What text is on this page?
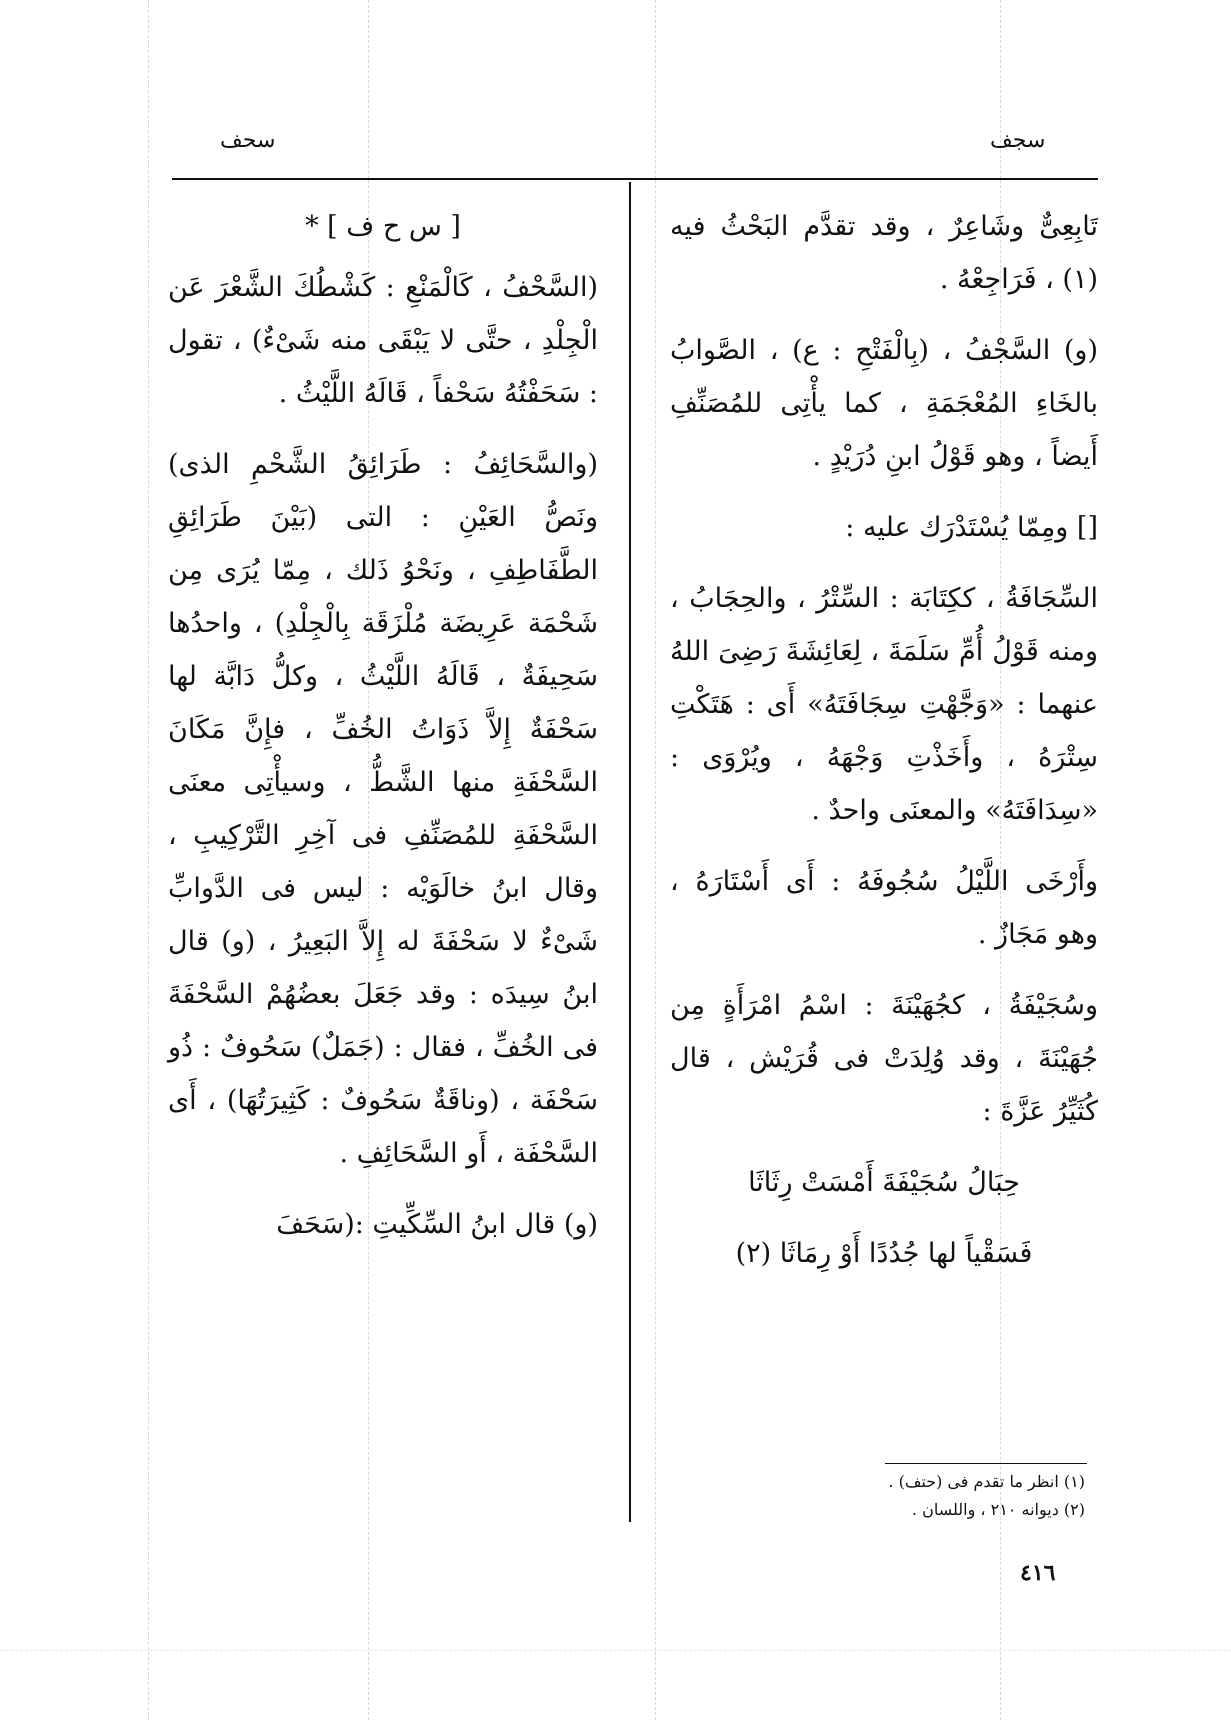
سجف
سحف

تَابِعِىٌّ وشَاعِرٌ ، وقد تقدَّم البَحْثُ فيه (١) ، فَرَاجِعْهُ .

(و) السَّجْفُ ، (بِالْفَتْحِ : ع) ، الصَّوابُ بالخَاءِ المُعْجَمَةِ ، كما يأْتِى للمُصَنِّفِ أَيضاً ، وهو قَوْلُ ابنِ دُرَيْدٍ .

[] ومِمّا يُسْتَدْرَك عليه :

السِّجَافَةُ ، ككِتَابَة : السِّتْرُ ، والحِجَابُ ، ومنه قَوْلُ أُمِّ سَلَمَةَ ، لِعَائِشَةَ رَضِىَ اللهُ عنهما : «وَجَّهْتِ سِجَافَتَهُ» أَى : هَتَكْتِ سِتْرَهُ ، وأَخَذْتِ وَجْهَهُ ، ويُرْوَى : «سِدَافَتَهُ» والمعنَى واحدٌ .

وأَرْخَى اللَّيْلُ سُجُوفَهُ : أَى أَسْتَارَهُ ، وهو مَجَازٌ .

وسُجَيْفَةُ ، كجُهَيْنَةَ : اسْمُ امْرَأَةٍ مِن جُهَيْنَةَ ، وقد وُلِدَتْ فى قُرَيْش ، قال كُثَيِّرُ عَزَّةَ :

حِبَالُ سُجَيْفَةَ أَمْسَتْ رِثَاثَا

فَسَقْياً لها جُدُدًا أَوْ رِمَاثَا (٢)

[ س ح ف ] *

(السَّحْفُ ، كَالْمَنْعِ : كَشْطُكَ الشَّعْرَ عَن الْجِلْدِ ، حتَّى لا يَبْقَى منه شَىْءٌ) ، تقول : سَحَفْتُهُ سَحْفاً ، قَالَهُ اللَّيْثُ .

(والسَّحَائِفُ : طَرَائِقُ الشَّحْمِ الذى) ونَصُّ العَيْنِ : التى (بَيْنَ طَرَائِقِ الطَّفَاطِفِ ، ونَحْوُ ذَلك ، مِمّا يُرَى مِن شَحْمَة عَرِيضَة مُلْزَقَة بِالْجِلْدِ) ، واحدُها سَحِيفَةٌ ، قَالَهُ اللَّيْثُ ، وكلُّ دَابَّة لها سَحْفَةٌ إِلاَّ ذَوَاتُ الخُفِّ ، فإِنَّ مَكَانَ السَّحْفَةِ منها الشَّطُّ ، وسيأْتِى معنَى السَّحْفَةِ للمُصَنِّفِ فى آخِرِ التَّرْكِيبِ ، وقال ابنُ خالَوَيْه : ليس فى الدَّوابِّ شَىْءٌ لا سَحْفَةَ له إِلاَّ البَعِيرُ ، (و) قال ابنُ سِيدَه : وقد جَعَلَ بعضُهُمْ السَّحْفَةَ فى الخُفِّ ، فقال : (جَمَلٌ) سَحُوفٌ : ذُو سَحْفَة ، (وناقَةٌ سَحُوفٌ : كَثِيرَتُهَا) ، أَى السَّحْفَة ، أَو السَّحَائِفِ .

(و) قال ابنُ السِّكِّيتِ :(سَحَفَ

(١) انظر ما تقدم فى (حتف) .
(٢) ديوانه ٢١٠ ، واللسان .
٤١٦
